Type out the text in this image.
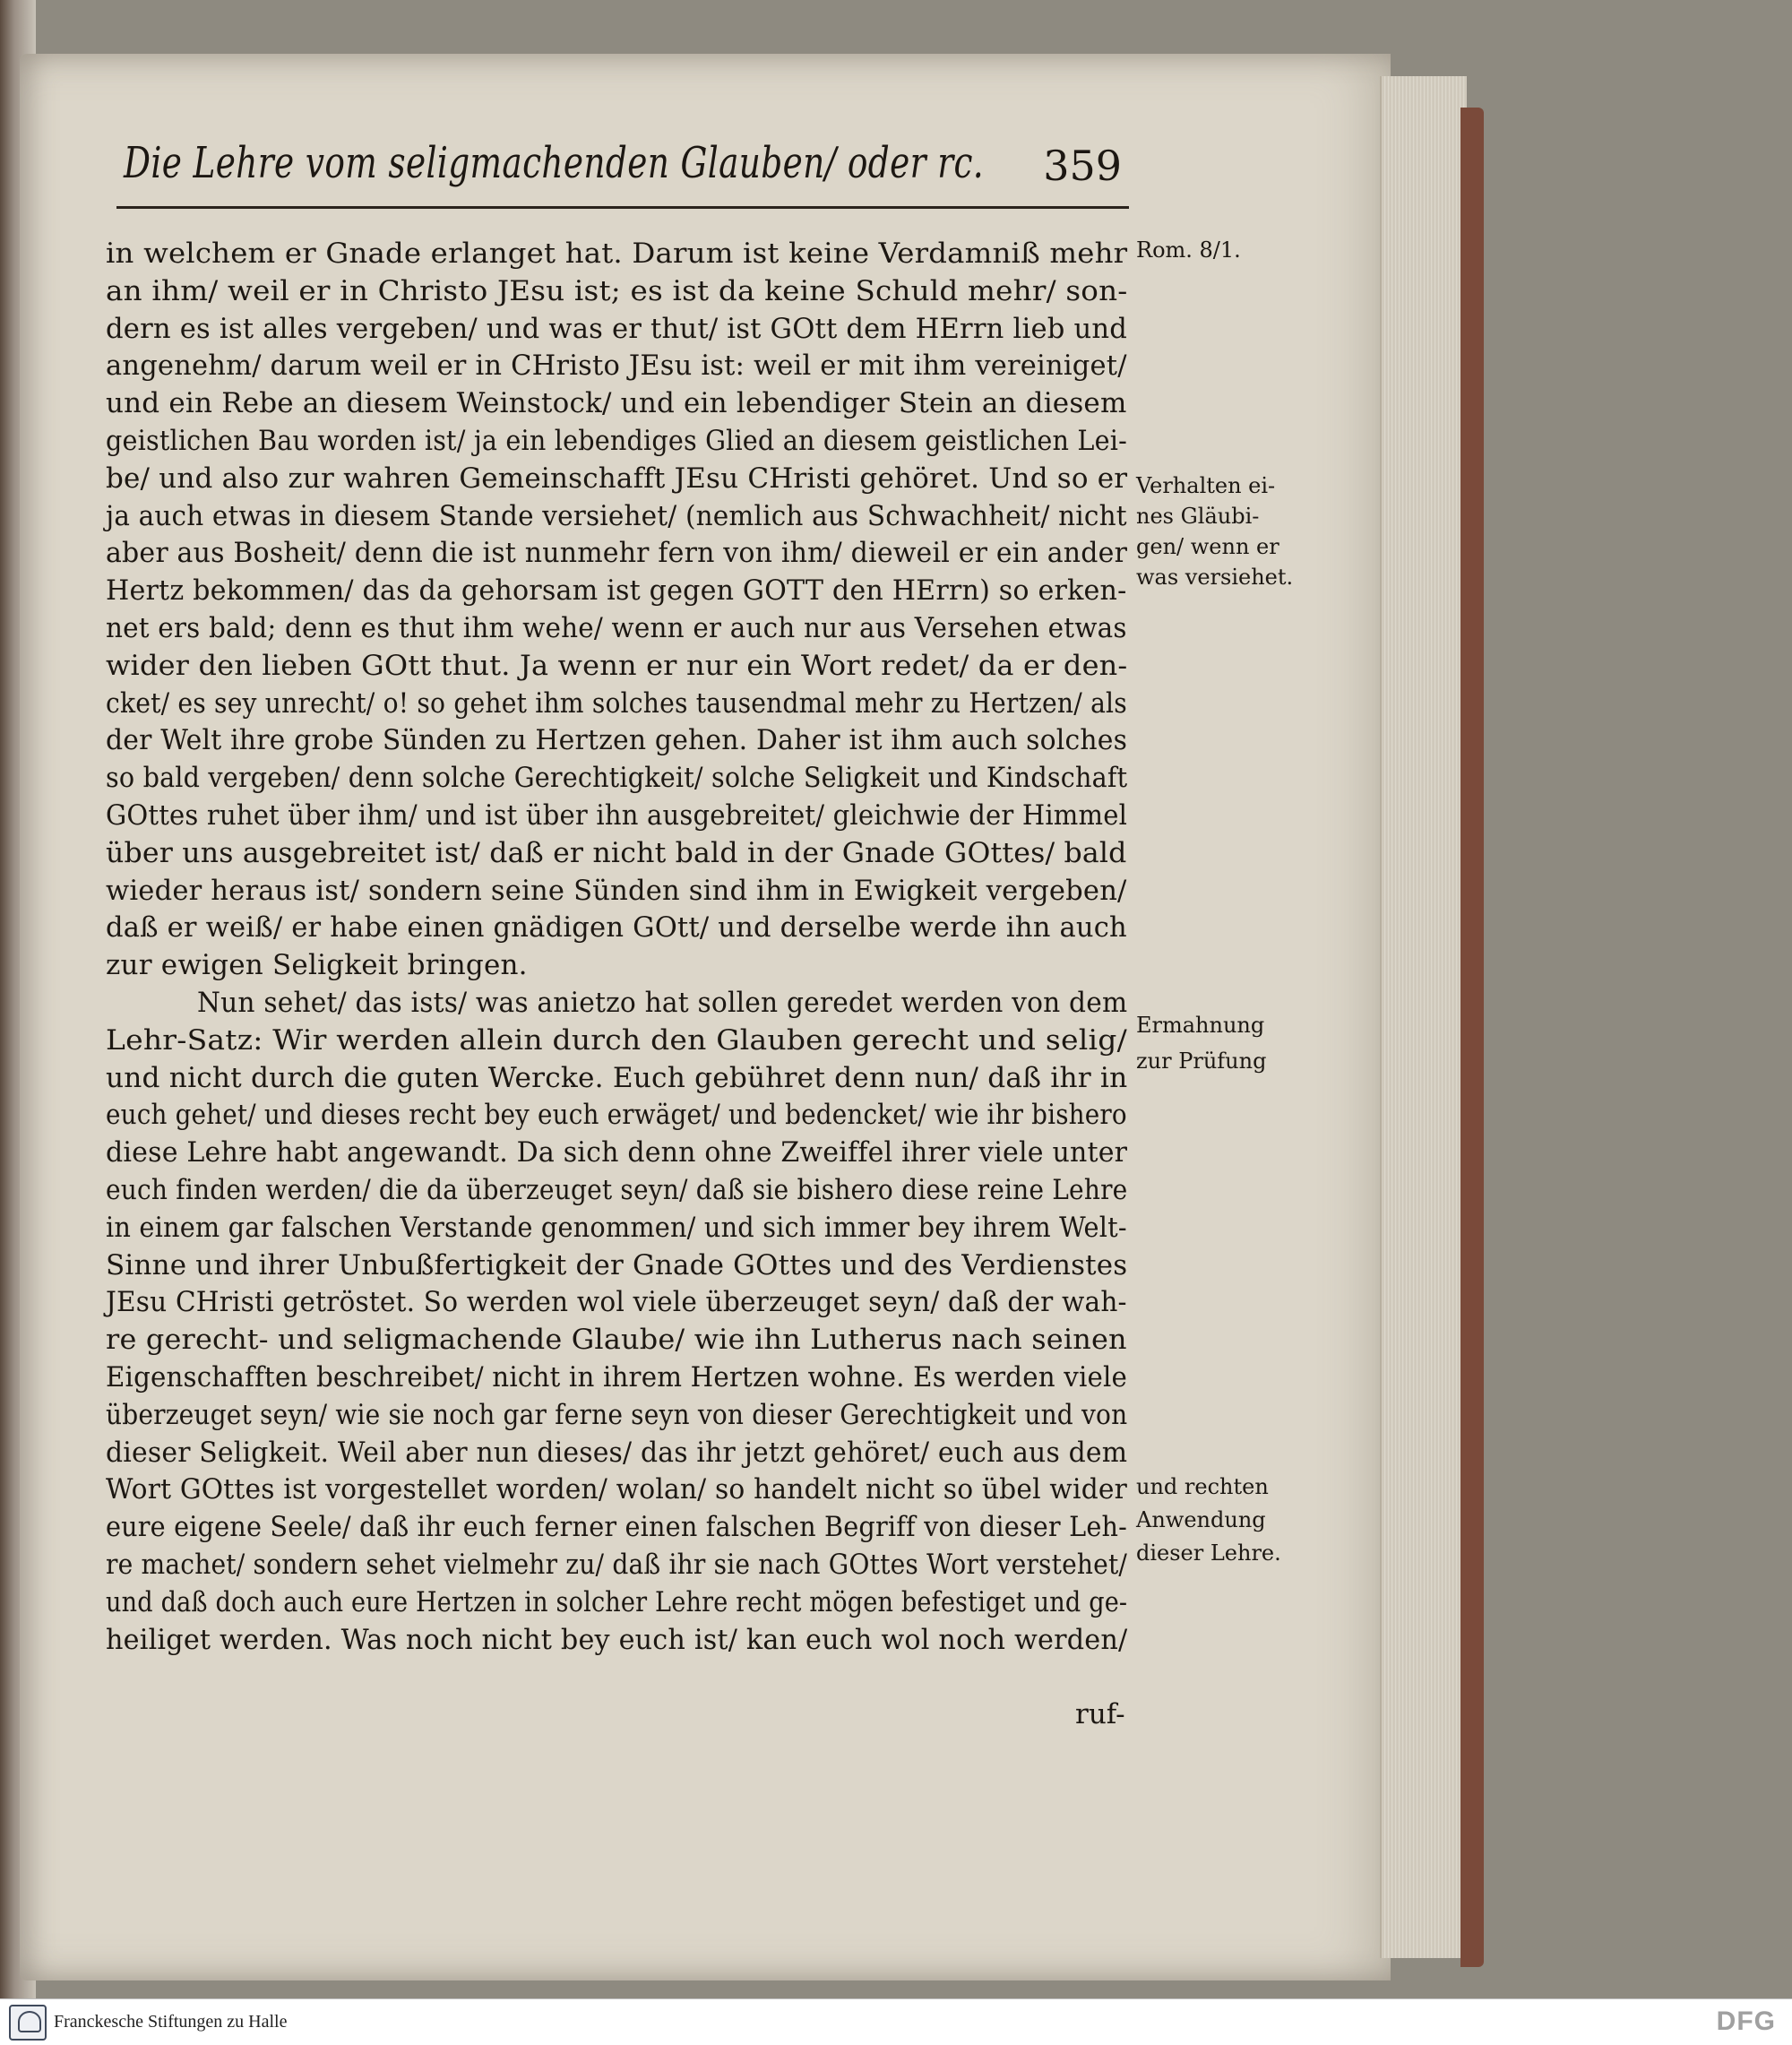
Die Lehre vom seligmachenden Glauben/ oder rc. 359
in welchem er Gnade erlanget hat. Darum ist keine Verdamniß mehr
an ihm/ weil er in Christo JEsu ist; es ist da keine Schuld mehr/ son-
dern es ist alles vergeben/ und was er thut/ ist GOtt dem HErrn lieb und
angenehm/ darum weil er in CHristo JEsu ist: weil er mit ihm vereiniget/
und ein Rebe an diesem Weinstock/ und ein lebendiger Stein an diesem
geistlichen Bau worden ist/ ja ein lebendiges Glied an diesem geistlichen Lei-
be/ und also zur wahren Gemeinschafft JEsu CHristi gehöret. Und so er
ja auch etwas in diesem Stande versiehet/ (nemlich aus Schwachheit/ nicht
aber aus Bosheit/ denn die ist nunmehr fern von ihm/ dieweil er ein ander
Hertz bekommen/ das da gehorsam ist gegen GOTT den HErrn) so erken-
net ers bald; denn es thut ihm wehe/ wenn er auch nur aus Versehen etwas
wider den lieben GOtt thut. Ja wenn er nur ein Wort redet/ da er den-
cket/ es sey unrecht/ o! so gehet ihm solches tausendmal mehr zu Hertzen/ als
der Welt ihre grobe Sünden zu Hertzen gehen. Daher ist ihm auch solches
so bald vergeben/ denn solche Gerechtigkeit/ solche Seligkeit und Kindschaft
GOttes ruhet über ihm/ und ist über ihn ausgebreitet/ gleichwie der Himmel
über uns ausgebreitet ist/ daß er nicht bald in der Gnade GOttes/ bald
wieder heraus ist/ sondern seine Sünden sind ihm in Ewigkeit vergeben/
daß er weiß/ er habe einen gnädigen GOtt/ und derselbe werde ihn auch
zur ewigen Seligkeit bringen.
Nun sehet/ das ists/ was anietzo hat sollen geredet werden von dem
Lehr-Satz: Wir werden allein durch den Glauben gerecht und selig/
und nicht durch die guten Wercke. Euch gebühret denn nun/ daß ihr in
euch gehet/ und dieses recht bey euch erwäget/ und bedencket/ wie ihr bishero
diese Lehre habt angewandt. Da sich denn ohne Zweiffel ihrer viele unter
euch finden werden/ die da überzeuget seyn/ daß sie bishero diese reine Lehre
in einem gar falschen Verstande genommen/ und sich immer bey ihrem Welt-
Sinne und ihrer Unbußfertigkeit der Gnade GOttes und des Verdienstes
JEsu CHristi getröstet. So werden wol viele überzeuget seyn/ daß der wah-
re gerecht- und seligmachende Glaube/ wie ihn Lutherus nach seinen
Eigenschafften beschreibet/ nicht in ihrem Hertzen wohne. Es werden viele
überzeuget seyn/ wie sie noch gar ferne seyn von dieser Gerechtigkeit und von
dieser Seligkeit. Weil aber nun dieses/ das ihr jetzt gehöret/ euch aus dem
Wort GOttes ist vorgestellet worden/ wolan/ so handelt nicht so übel wider
eure eigene Seele/ daß ihr euch ferner einen falschen Begriff von dieser Leh-
re machet/ sondern sehet vielmehr zu/ daß ihr sie nach GOttes Wort verstehet/
und daß doch auch eure Hertzen in solcher Lehre recht mögen befestiget und ge-
heiliget werden. Was noch nicht bey euch ist/ kan euch wol noch werden/
Rom. 8/1.
Verhalten ei-
nes Gläubi-
gen/ wenn er
was versiehet.
Ermahnung
zur Prüfung
und rechten
Anwendung
dieser Lehre.
ruf-
Franckesche Stiftungen zu Halle	DFG
